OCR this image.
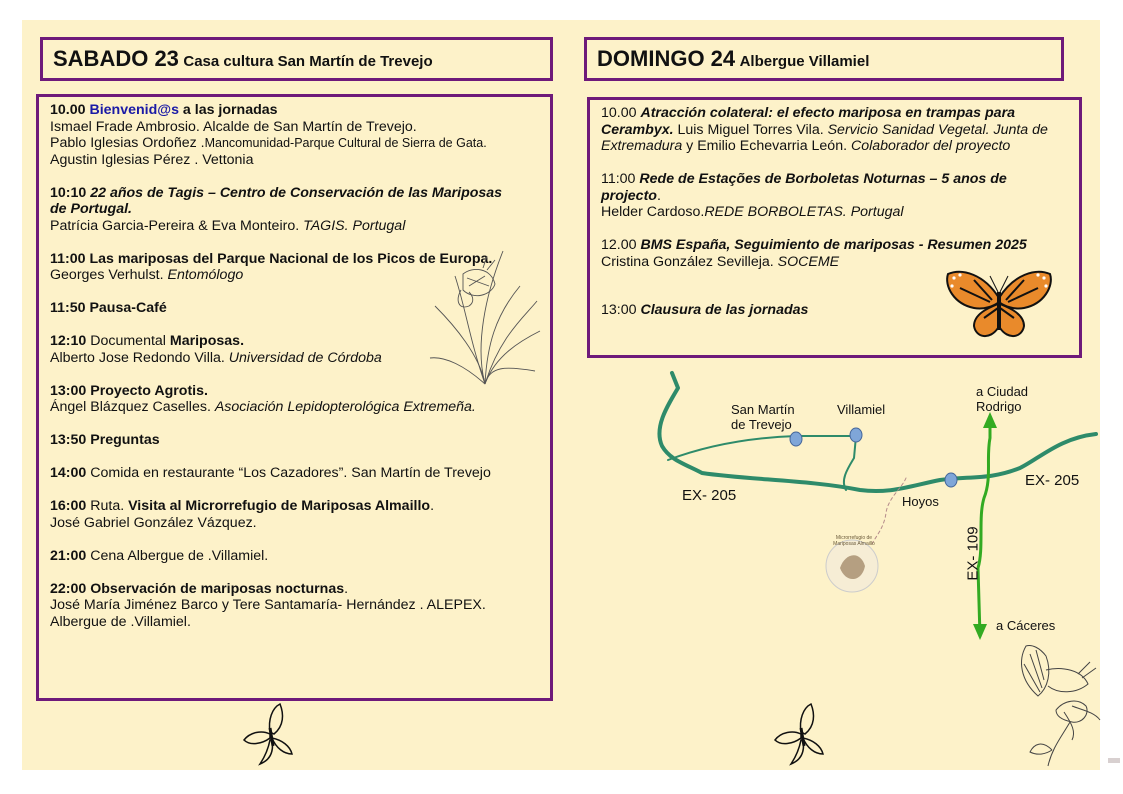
SABADO 23 Casa cultura San Martín de Trevejo	DOMINGO 24 Albergue Villamiel

10.00 Bienvenid@s a las jornadas
Ismael Frade Ambrosio. Alcalde de San Martín de Trevejo.
Pablo Iglesias Ordoñez .Mancomunidad-Parque Cultural de Sierra de Gata.
Agustin Iglesias Pérez . Vettonia

10:10 22 años de Tagis – Centro de Conservación de las Mariposas
de Portugal.
Patrícia Garcia-Pereira & Eva Monteiro. TAGIS. Portugal

11:00 Las mariposas del Parque Nacional de los Picos de Europa.
Georges Verhulst. Entomólogo

11:50 Pausa-Café

12:10 Documental Mariposas.
Alberto Jose Redondo Villa. Universidad de Córdoba

13:00 Proyecto Agrotis.
Ángel Blázquez Caselles. Asociación Lepidopterológica Extremeña.

13:50 Preguntas

14:00 Comida en restaurante “Los Cazadores”. San Martín de Trevejo

16:00 Ruta. Visita al Microrrefugio de Mariposas Almaillo.
José Gabriel González Vázquez.

21:00 Cena Albergue de .Villamiel.

22:00 Observación de mariposas nocturnas.
José María Jiménez Barco y Tere Santamaría- Hernández . ALEPEX.
Albergue de .Villamiel.

10.00 Atracción colateral: el efecto mariposa en trampas para
Cerambyx. Luis Miguel Torres Vila. Servicio Sanidad Vegetal. Junta de
Extremadura y Emilio Echevarria León. Colaborador del proyecto

11:00 Rede de Estações de Borboletas Noturnas – 5 anos de
projecto.
Helder Cardoso.REDE BORBOLETAS. Portugal

12.00 BMS España, Seguimiento de mariposas - Resumen 2025
Cristina González Sevilleja. SOCEME

13:00 Clausura de las jornadas

San Martín
de Trevejo
Villamiel
a Ciudad
Rodrigo
Hoyos
EX- 205
EX- 205
EX- 109
a Cáceres
Microrrefugio de Mariposas Almaillo
